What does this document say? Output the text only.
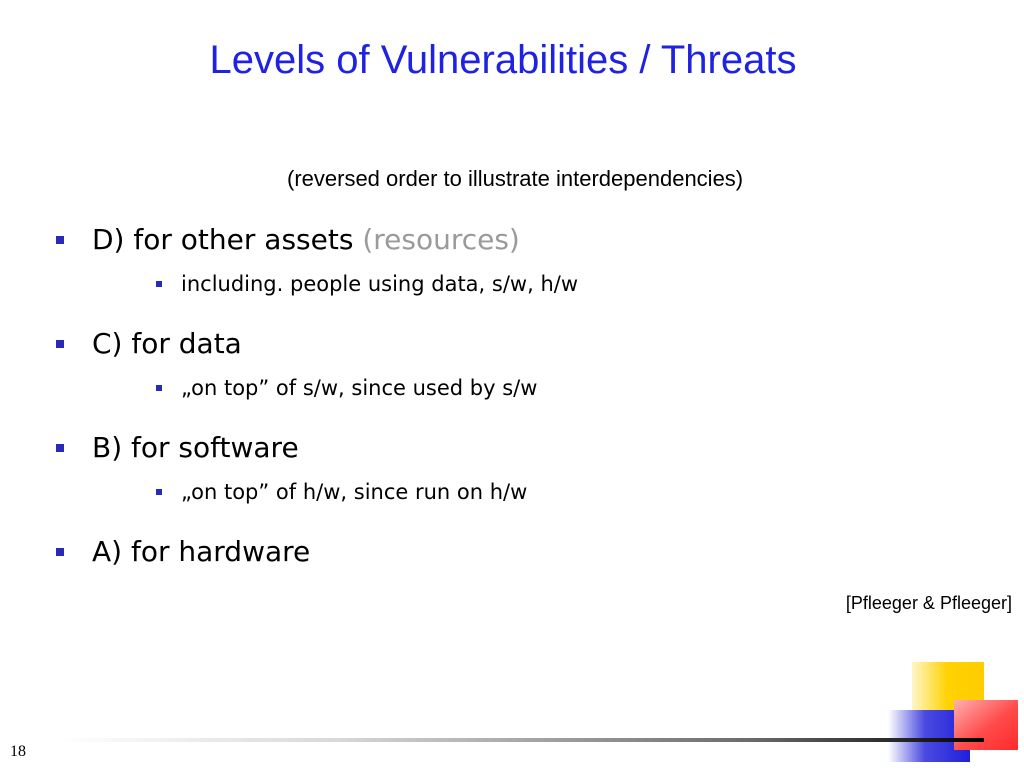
Levels of Vulnerabilities / Threats
(reversed order to illustrate interdependencies)
D) for other assets (resources)
including. people using data, s/w, h/w
C) for data
„on top” of s/w, since used by s/w
B) for software
„on top” of h/w, since run on h/w
A) for hardware
[Pfleeger & Pfleeger]
18
